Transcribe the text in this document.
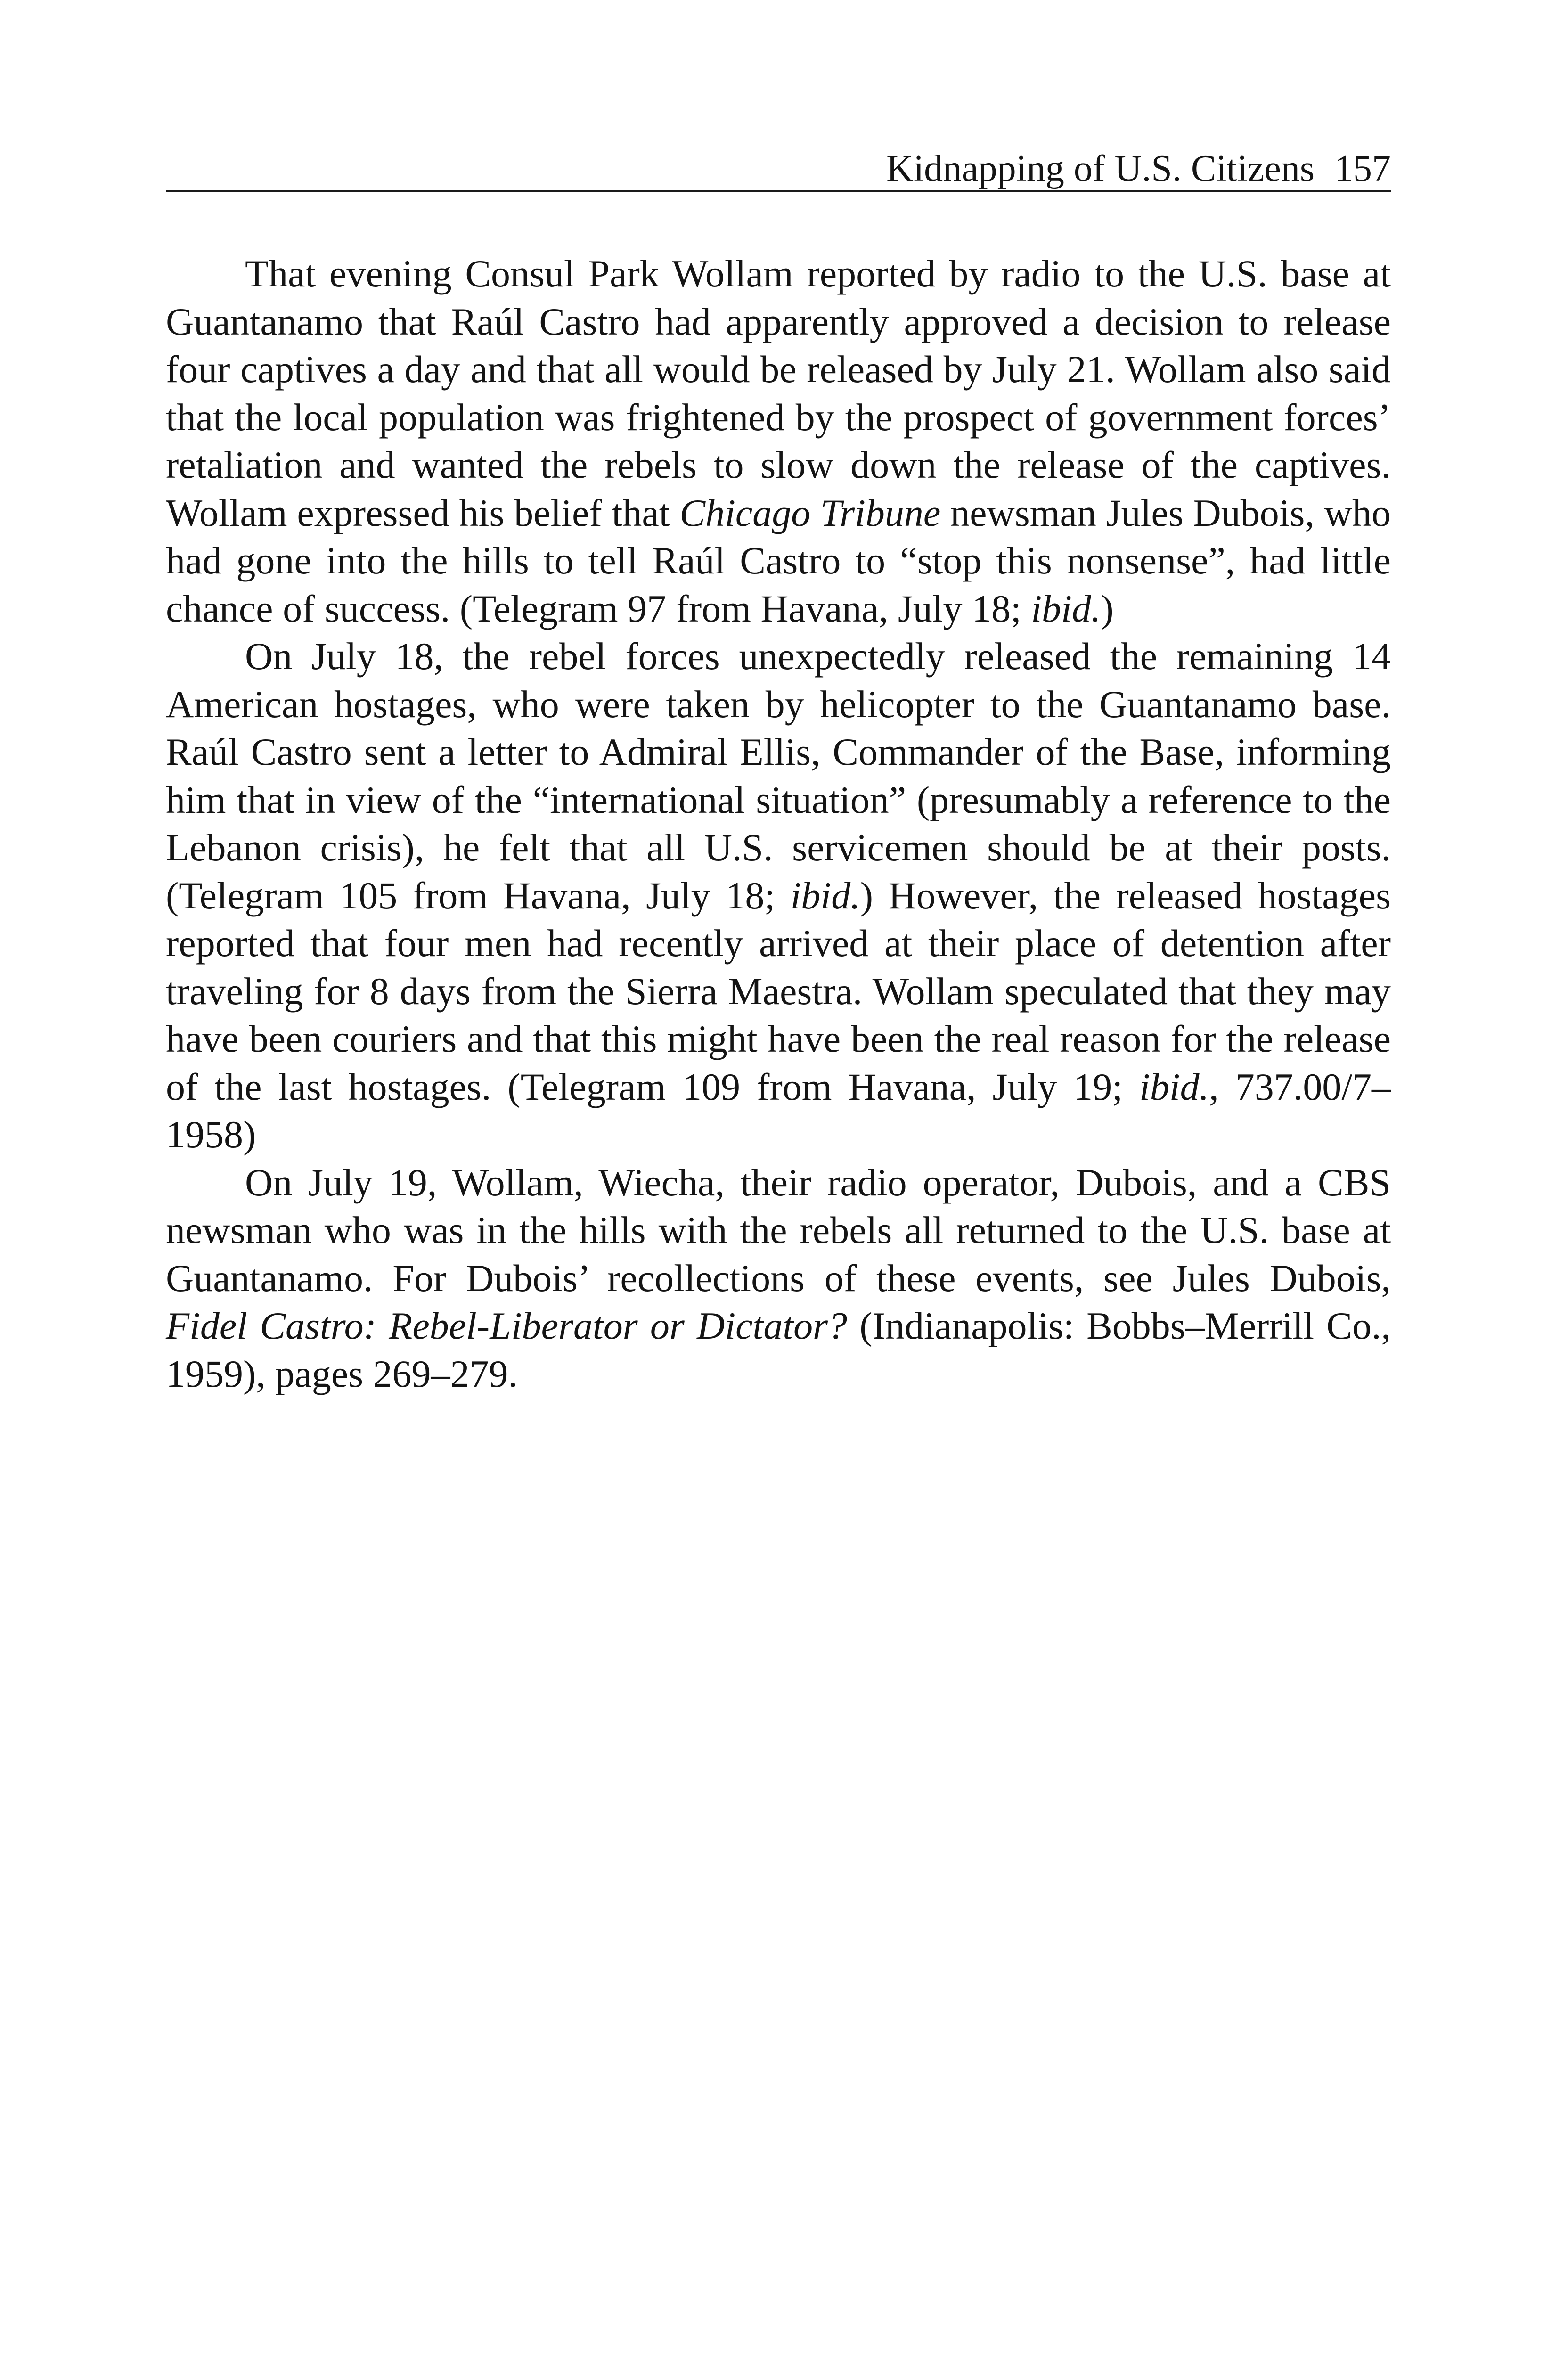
Kidnapping of U.S. Citizens 157

That evening Consul Park Wollam reported by radio to the U.S. base at Guantanamo that Raúl Castro had apparently approved a decision to release four captives a day and that all would be released by July 21. Wollam also said that the local population was frightened by the prospect of government forces’ retaliation and wanted the rebels to slow down the release of the captives. Wollam expressed his belief that Chicago Tribune newsman Jules Dubois, who had gone into the hills to tell Raúl Castro to “stop this nonsense”, had little chance of success. (Telegram 97 from Havana, July 18; ibid.)

On July 18, the rebel forces unexpectedly released the remaining 14 American hostages, who were taken by helicopter to the Guantanamo base. Raúl Castro sent a letter to Admiral Ellis, Commander of the Base, informing him that in view of the “international situation” (presumably a reference to the Lebanon crisis), he felt that all U.S. servicemen should be at their posts. (Telegram 105 from Havana, July 18; ibid.) However, the released hostages reported that four men had recently arrived at their place of detention after traveling for 8 days from the Sierra Maestra. Wollam speculated that they may have been couriers and that this might have been the real reason for the release of the last hostages. (Telegram 109 from Havana, July 19; ibid., 737.00/7–1958)

On July 19, Wollam, Wiecha, their radio operator, Dubois, and a CBS newsman who was in the hills with the rebels all returned to the U.S. base at Guantanamo. For Dubois’ recollections of these events, see Jules Dubois, Fidel Castro: Rebel-Liberator or Dictator? (Indianapolis: Bobbs–Merrill Co., 1959), pages 269–279.
